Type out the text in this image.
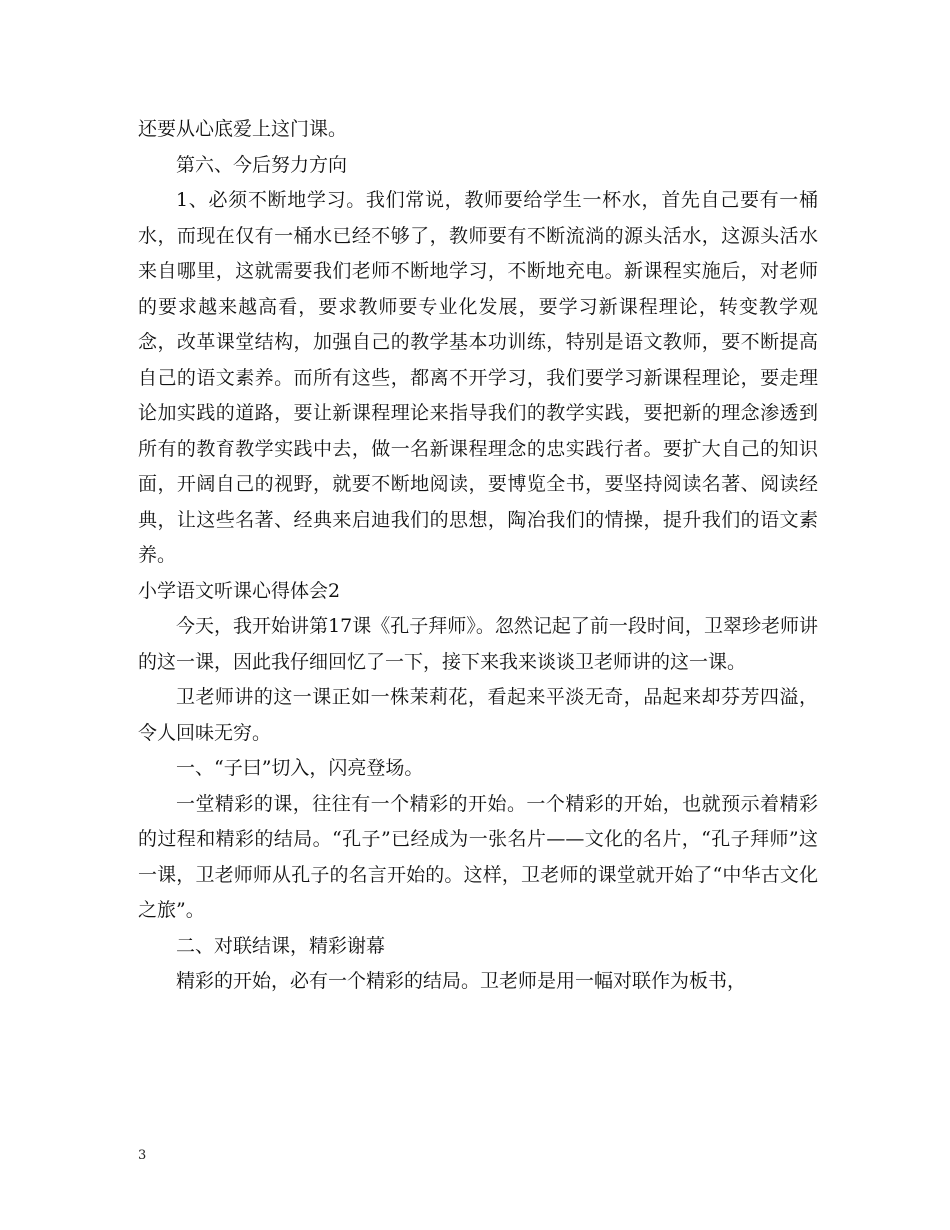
还要从心底爱上这门课。

第六、今后努力方向

1、必须不断地学习。我们常说，教师要给学生一杯水，首先自己要有一桶水，而现在仅有一桶水已经不够了，教师要有不断流淌的源头活水，这源头活水来自哪里，这就需要我们老师不断地学习，不断地充电。新课程实施后，对老师的要求越来越高看，要求教师要专业化发展，要学习新课程理论，转变教学观念，改革课堂结构，加强自己的教学基本功训练，特别是语文教师，要不断提高自己的语文素养。而所有这些，都离不开学习，我们要学习新课程理论，要走理论加实践的道路，要让新课程理论来指导我们的教学实践，要把新的理念渗透到所有的教育教学实践中去，做一名新课程理念的忠实践行者。要扩大自己的知识面，开阔自己的视野，就要不断地阅读，要博览全书，要坚持阅读名著、阅读经典，让这些名著、经典来启迪我们的思想，陶冶我们的情操，提升我们的语文素养。

小学语文听课心得体会2

今天，我开始讲第17课《孔子拜师》。忽然记起了前一段时间，卫翠珍老师讲的这一课，因此我仔细回忆了一下，接下来我来谈谈卫老师讲的这一课。

卫老师讲的这一课正如一株茉莉花，看起来平淡无奇，品起来却芬芳四溢，令人回味无穷。

一、“子曰”切入，闪亮登场。

一堂精彩的课，往往有一个精彩的开始。一个精彩的开始，也就预示着精彩的过程和精彩的结局。“孔子”已经成为一张名片——文化的名片，“孔子拜师”这一课，卫老师师从孔子的名言开始的。这样，卫老师的课堂就开始了“中华古文化之旅”。

二、对联结课，精彩谢幕

精彩的开始，必有一个精彩的结局。卫老师是用一幅对联作为板书，

3
